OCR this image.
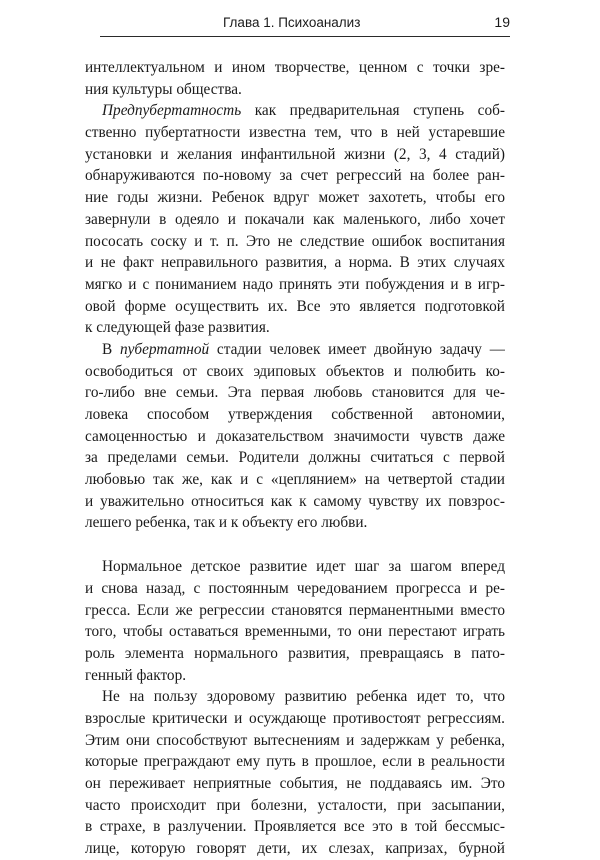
Глава 1. Психоанализ	19
интеллектуальном и ином творчестве, ценном с точки зре-
ния культуры общества.
Предпубертатность как предварительная ступень соб-
ственно пубертатности известна тем, что в ней устаревшие
установки и желания инфантильной жизни (2, 3, 4 стадий)
обнаруживаются по-новому за счет регрессий на более ран-
ние годы жизни. Ребенок вдруг может захотеть, чтобы его
завернули в одеяло и покачали как маленького, либо хочет
пососать соску и т. п. Это не следствие ошибок воспитания
и не факт неправильного развития, а норма. В этих случаях
мягко и с пониманием надо принять эти побуждения и в игр-
овой форме осуществить их. Все это является подготовкой
к следующей фазе развития.
В пубертатной стадии человек имеет двойную задачу —
освободиться от своих эдиповых объектов и полюбить ко-
го-либо вне семьи. Эта первая любовь становится для че-
ловека способом утверждения собственной автономии,
самоценностью и доказательством значимости чувств даже
за пределами семьи. Родители должны считаться с первой
любовью так же, как и с «цеплянием» на четвертой стадии
и уважительно относиться как к самому чувству их повзрос-
лешего ребенка, так и к объекту его любви.
Нормальное детское развитие идет шаг за шагом вперед
и снова назад, с постоянным чередованием прогресса и ре-
гресса. Если же регрессии становятся перманентными вместо
того, чтобы оставаться временными, то они перестают играть
роль элемента нормального развития, превращаясь в пато-
генный фактор.
Не на пользу здоровому развитию ребенка идет то, что
взрослые критически и осуждающе противостоят регрессиям.
Этим они способствуют вытеснениям и задержкам у ребенка,
которые преграждают ему путь в прошлое, если в реальности
он переживает неприятные события, не поддаваясь им. Это
часто происходит при болезни, усталости, при засыпании,
в страхе, в разлучении. Проявляется все это в той бессмыс-
лице, которую говорят дети, их слезах, капризах, бурной
